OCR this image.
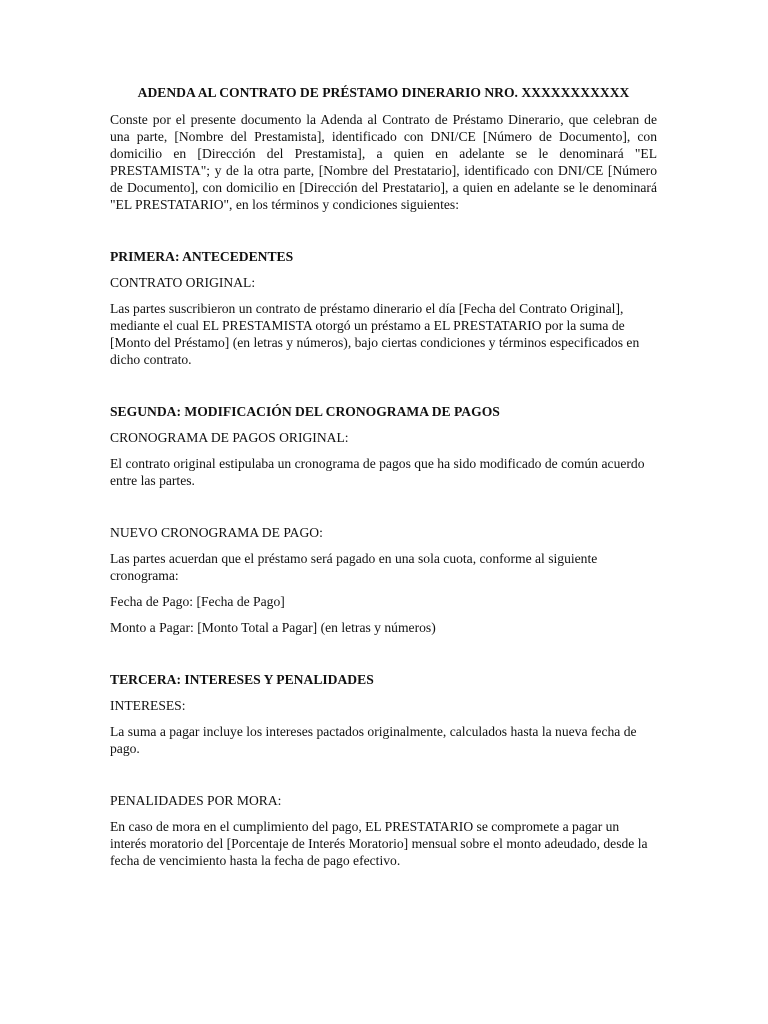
ADENDA AL CONTRATO DE PRÉSTAMO DINERARIO NRO. XXXXXXXXXXX
Conste por el presente documento la Adenda al Contrato de Préstamo Dinerario, que celebran de una parte, [Nombre del Prestamista], identificado con DNI/CE [Número de Documento], con domicilio en [Dirección del Prestamista], a quien en adelante se le denominará "EL PRESTAMISTA"; y de la otra parte, [Nombre del Prestatario], identificado con DNI/CE [Número de Documento], con domicilio en [Dirección del Prestatario], a quien en adelante se le denominará "EL PRESTATARIO", en los términos y condiciones siguientes:
PRIMERA: ANTECEDENTES
CONTRATO ORIGINAL:
Las partes suscribieron un contrato de préstamo dinerario el día [Fecha del Contrato Original], mediante el cual EL PRESTAMISTA otorgó un préstamo a EL PRESTATARIO por la suma de [Monto del Préstamo] (en letras y números), bajo ciertas condiciones y términos especificados en dicho contrato.
SEGUNDA: MODIFICACIÓN DEL CRONOGRAMA DE PAGOS
CRONOGRAMA DE PAGOS ORIGINAL:
El contrato original estipulaba un cronograma de pagos que ha sido modificado de común acuerdo entre las partes.
NUEVO CRONOGRAMA DE PAGO:
Las partes acuerdan que el préstamo será pagado en una sola cuota, conforme al siguiente cronograma:
Fecha de Pago: [Fecha de Pago]
Monto a Pagar: [Monto Total a Pagar] (en letras y números)
TERCERA: INTERESES Y PENALIDADES
INTERESES:
La suma a pagar incluye los intereses pactados originalmente, calculados hasta la nueva fecha de pago.
PENALIDADES POR MORA:
En caso de mora en el cumplimiento del pago, EL PRESTATARIO se compromete a pagar un interés moratorio del [Porcentaje de Interés Moratorio] mensual sobre el monto adeudado, desde la fecha de vencimiento hasta la fecha de pago efectivo.
